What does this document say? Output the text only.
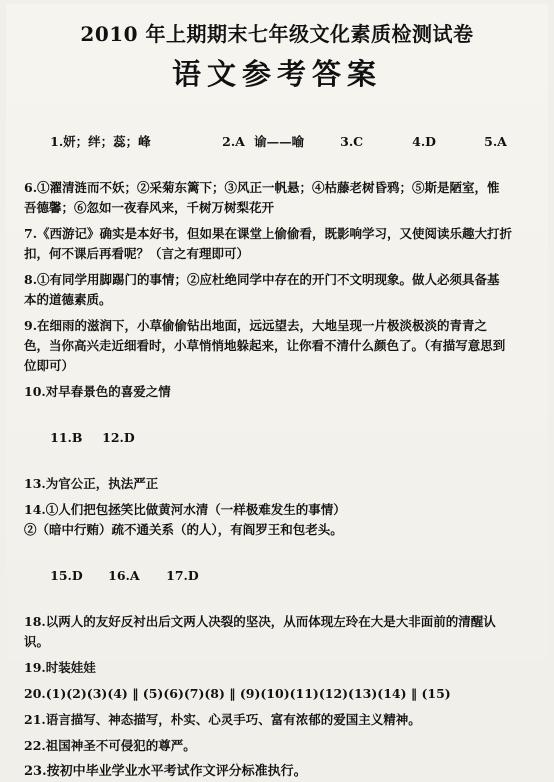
2010 年上期期末七年级文化素质检测试卷
语文参考答案

1.妍；绊；蕊；峰	2.A 谕——喻	3.C	4.D	5.A

6.①濯清涟而不妖；②采菊东篱下；③风正一帆悬；④枯藤老树昏鸦；⑤斯是陋室，惟
吾德馨；⑥忽如一夜春风来，千树万树梨花开
7.《西游记》确实是本好书，但如果在课堂上偷偷看，既影响学习，又使阅读乐趣大打折
扣，何不课后再看呢？（言之有理即可）
8.①有同学用脚踢门的事情；②应杜绝同学中存在的开门不文明现象。做人必须具备基
本的道德素质。
9.在细雨的滋润下，小草偷偷钻出地面，远远望去，大地呈现一片极淡极淡的青青之
色，当你高兴走近细看时，小草悄悄地躲起来，让你看不清什么颜色了。（有描写意思到
位即可）
10.对早春景色的喜爱之情

11.B 12.D

13.为官公正，执法严正
14.①人们把包拯笑比做黄河水清（一样极难发生的事情）
②（暗中行贿）疏不通关系（的人），有阎罗王和包老头。

15.D 16.A 17.D

18.以两人的友好反衬出后文两人决裂的坚决，从而体现左玲在大是大非面前的清醒认
识。
19.时装娃娃
20.(1)(2)(3)(4) ‖ (5)(6)(7)(8) ‖ (9)(10)(11)(12)(13)(14) ‖ (15)
21.语言描写、神态描写，朴实、心灵手巧、富有浓郁的爱国主义精神。
22.祖国神圣不可侵犯的尊严。
23.按初中毕业学业水平考试作文评分标准执行。
